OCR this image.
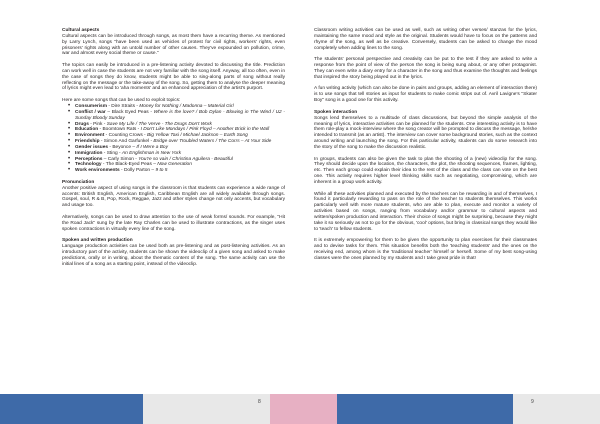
Cultural aspects

Cultural aspects can be introduced through songs, as most them have a recurring theme. As mentioned by Larry Lynch, songs "have been used as vehicles of protest for civil rights, workers' rights, even prisoners' rights along with an untold number of other causes. They've expounded on pollution, crime, war and almost every social theme or cause."

The topics can easily be introduced in a pre-listening activity devoted to discussing the title. Prediction can work well in case the students are not very familiar with the song itself. Anyway, all too often, even in the case of songs they do know, students might be able to sing-along parts of song without really reflecting on the message or the take-away of the song. So, getting them to analyse the deeper meaning of lyrics might even lead to 'aha moments' and an enhanced appreciation of the artist's purport.

Here are some songs that can be used to exploit topics:

• Consumerism - Dire Straits - Money for Nothing / Madonna – Material Girl
• Conflict / war – Black Eyed Peas - Where is the love? / Bob Dylan - Blowing in The Wind / U2 - Sunday Bloody Sunday
• Drugs - Pink - Save My Life / The Verve - The Drugs Don't Work
• Education - Boomtown Rats - I Don't Like Mondays / Pink Floyd – Another Brick in the Wall
• Environment - Counting Crows - Big Yellow Taxi / Michael Jackson – Earth Song
• Friendship - Simon And Garfunkel - Bridge over Troubled Waters / The Corrs – At Your Side
• Gender issues - Beyonce – If I Were a Boy
• Immigration - Sting - An Englishman in New York
• Perceptions – Carly Simon - You're so vain / Christina Aguilera - Beautiful
• Technology - The Black-Eyed Peas – Now Generation
• Work environments - Dolly Parton – 9 to 5

Pronunciation

Another positive aspect of using songs in the classroom is that students can experience a wide range of accents: British English, American English, Caribbean English are all widely available through songs. Gospel, soul, R & B, Pop, Rock, Reggae, Jazz and other styles change not only accents, but vocabulary and usage too.

Alternatively, songs can be used to draw attention to the use of weak forms/ sounds. For example, "Hit the Road Jack" sung by the late Ray Charles can be used to illustrate contractions, as the singer uses spoken contractions in virtually every line of the song.

Spoken and written production

Language production activities can be used both as pre-listening and as post-listening activities. As an introductory part of the activity, students can be shown the videoclip of a given song and asked to make predictions, orally or in writing, about the thematic content of the song. The same activity can use the initial lines of a song as a starting point, instead of the videoclip.

Classroom writing activities can be used as well, such as writing other verses/ stanzas for the lyrics, maintaining the same mood and style as the original. Students would have to focus on the patterns and rhyme of the song, as well as be creative. Conversely, students can be asked to change the mood completely when adding lines to the song.

The students' personal perspective and creativity can be put to the test if they are asked to write a response from the point of view of the person the song is being sung about, or any other protagonist. They can even write a diary entry for a character in the song and thus examine the thoughts and feelings that inspired the story being played out in the lyrics.

A fun writing activity (which can also be done in pairs and groups, adding an element of interaction there) is to use songs that tell stories as input for students to make comic strips out of. Avril Lavigne's "Skater Boy" song is a good one for this activity.

Spoken interaction

Songs lend themselves to a multitude of class discussions, but beyond the simple analysis of the meaning of lyrics, interactive activities can be planned for the students. One interesting activity is to have them role-play a mock-interview where the song creator will be prompted to discuss the message, he/she intended to transmit (as an artist). The interview can cover some background stories, such as the context around writing and launching the song. For this particular activity, students can do some research into the story of the song to make the discussion realistic.

In groups, students can also be given the task to plan the shooting of a (new) videoclip for the song. They should decide upon the location, the characters, the plot, the shooting sequences, frames, lighting, etc. Then each group could explain their idea to the rest of the class and the class can vote on the best one. This activity requires higher level thinking skills such as negotiating, compromising, which are inherent in a group work activity.

While all these activities planned and executed by the teachers can be rewarding in and of themselves, I found it particularly rewarding to pass on the role of the teacher to students themselves. This works particularly well with more mature students, who are able to plan, execute and monitor a variety of activities based on songs, ranging from vocabulary and/or grammar to cultural aspects and written/spoken production and interaction. Their choice of songs might be surprising, because they might take it so seriously as not to go for the obvious, 'cool' options, but bring in classical songs they would like to 'teach' to fellow students.

It is extremely empowering for them to be given the opportunity to plan exercises for their classmates and to devise tasks for them. This situation benefits both the 'teaching students' and the ones on the receiving end, among whom is the 'traditional teacher' himself or herself. Some of my best song-using classes were the ones planned by my students and I take great pride in that!

8	9
